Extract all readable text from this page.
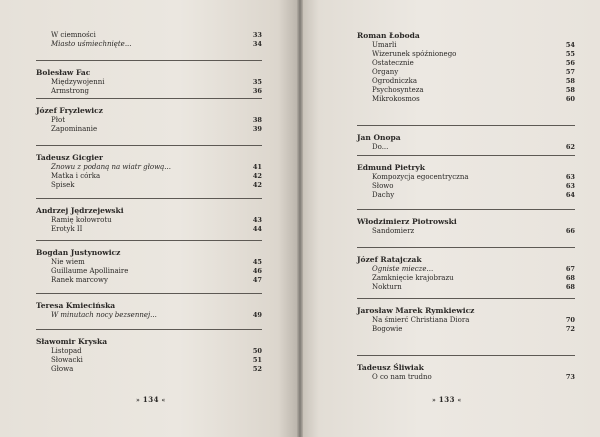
W ciemności	33
Miasto uśmiechnięte...	34
Bolesław Fac
Międzywojenni	35
Armstrong	36
Józef Fryzlewicz
Płot	38
Zapominanie	39
Tadeusz Gicgier
Znowu z podaną na wiatr głową...	41
Matka i córka	42
Spisek	42
Andrzej Jędrzejewski
Ramię kołowrotu	43
Erotyk II	44
Bogdan Justynowicz
Nie wiem	45
Guillaume Apollinaire	46
Ranek marcowy	47
Teresa Kmiecińska
W minutach nocy bezsennej...	49
Sławomir Kryska
Listopad	50
Słowacki	51
Głowa	52
» 134 «
Roman Łoboda
Umarli	54
Wizerunek spóźnionego	55
Ostatecznie	56
Organy	57
Ogrodniczka	58
Psychosynteza	58
Mikrokosmos	60
Jan Onopa
Do...	62
Edmund Pietryk
Kompozycja egocentryczna	63
Słowo	63
Dachy	64
Włodzimierz Piotrowski
Sandomierz	66
Józef Ratajczak
Ogniste miecze...	67
Zamknięcie krajobrazu	68
Nokturn	68
Jarosław Marek Rymkiewicz
Na śmierć Christiana Diora	70
Bogowie	72
Tadeusz Śliwiak
O co nam trudno	73
» 133 «
